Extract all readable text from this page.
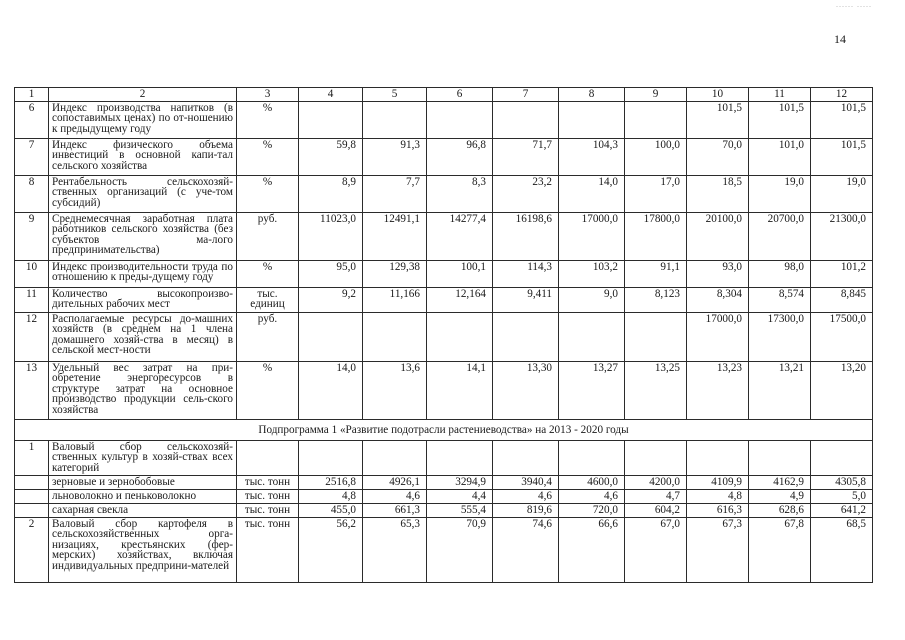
14
...... .....
1	2	3	4	5	6	7	8	9	10	11	12
6	Индекс производства напитков (в сопоставимых ценах) по от-ношению к предыдущему году	%							101,5	101,5	101,5
7	Индекс физического объема инвестиций в основной капи-тал сельского хозяйства	%	59,8	91,3	96,8	71,7	104,3	100,0	70,0	101,0	101,5
8	Рентабельность сельскохозяй-ственных организаций (с уче-том субсидий)	%	8,9	7,7	8,3	23,2	14,0	17,0	18,5	19,0	19,0
9	Среднемесячная заработная плата работников сельского хозяйства (без субъектов ма-лого предпринимательства)	руб.	11023,0	12491,1	14277,4	16198,6	17000,0	17800,0	20100,0	20700,0	21300,0
10	Индекс производительности труда по отношению к преды-дущему году	%	95,0	129,38	100,1	114,3	103,2	91,1	93,0	98,0	101,2
11	Количество высокопроизво-дительных рабочих мест	тыс. единиц	9,2	11,166	12,164	9,411	9,0	8,123	8,304	8,574	8,845
12	Располагаемые ресурсы до-машних хозяйств (в среднем на 1 члена домашнего хозяй-ства в месяц) в сельской мест-ности	руб.							17000,0	17300,0	17500,0
13	Удельный вес затрат на при-обретение энергоресурсов в структуре затрат на основное производство продукции сель-ского хозяйства	%	14,0	13,6	14,1	13,30	13,27	13,25	13,23	13,21	13,20
Подпрограмма 1 «Развитие подотрасли растениеводства» на 2013 - 2020 годы											
1	Валовый сбор сельскохозяй-ственных культур в хозяй-ствах всех категорий										
	зерновые и зернобобовые	тыс. тонн	2516,8	4926,1	3294,9	3940,4	4600,0	4200,0	4109,9	4162,9	4305,8
	льноволокно и пеньковолокно	тыс. тонн	4,8	4,6	4,4	4,6	4,6	4,7	4,8	4,9	5,0
	сахарная свекла	тыс. тонн	455,0	661,3	555,4	819,6	720,0	604,2	616,3	628,6	641,2
2	Валовый сбор картофеля в сельскохозяйственных орга-низациях, крестьянских (фер-мерских) хозяйствах, включая индивидуальных предприни-мателей	тыс. тонн	56,2	65,3	70,9	74,6	66,6	67,0	67,3	67,8	68,5
